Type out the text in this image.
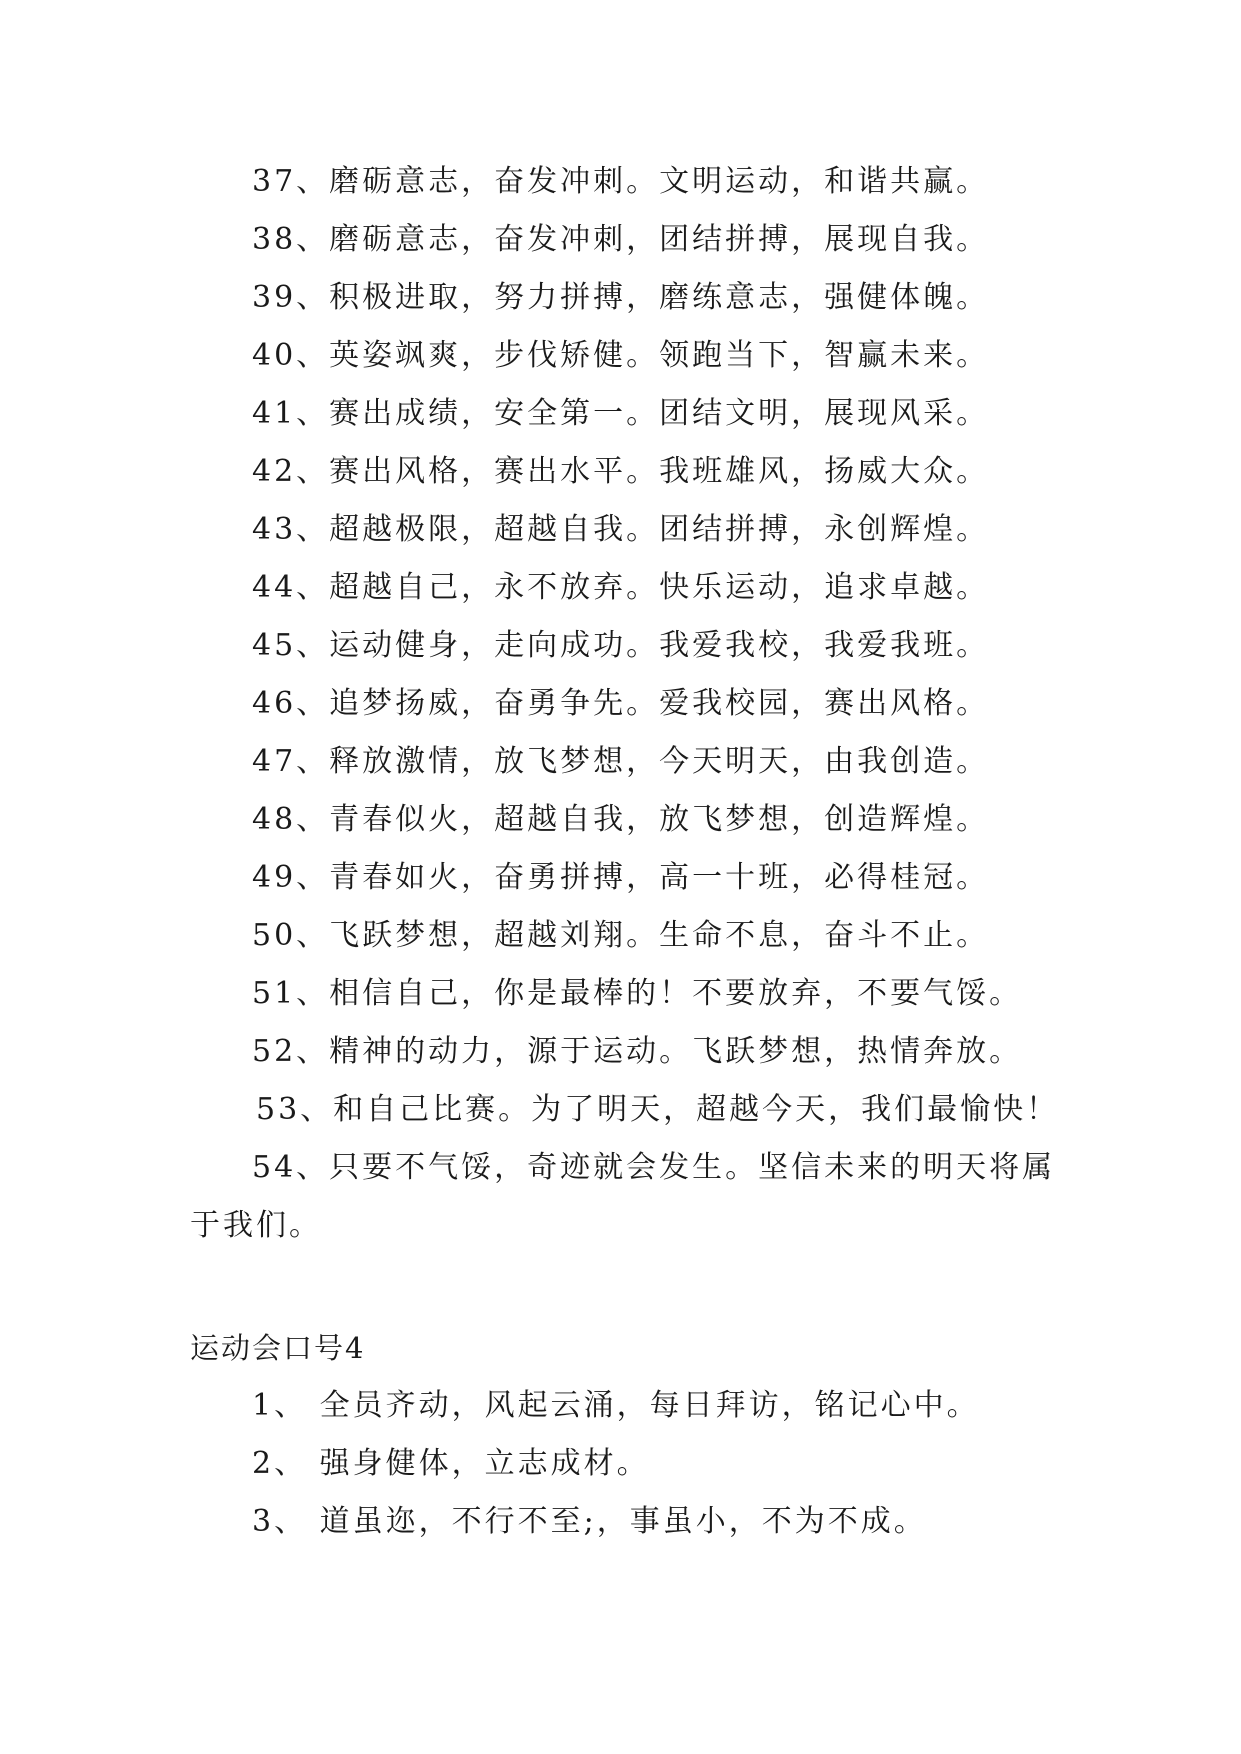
37、磨砺意志，奋发冲刺。文明运动，和谐共赢。
38、磨砺意志，奋发冲刺，团结拼搏，展现自我。
39、积极进取，努力拼搏，磨练意志，强健体魄。
40、英姿飒爽，步伐矫健。领跑当下，智赢未来。
41、赛出成绩，安全第一。团结文明，展现风采。
42、赛出风格，赛出水平。我班雄风，扬威大众。
43、超越极限，超越自我。团结拼搏，永创辉煌。
44、超越自己，永不放弃。快乐运动，追求卓越。
45、运动健身，走向成功。我爱我校，我爱我班。
46、追梦扬威，奋勇争先。爱我校园，赛出风格。
47、释放激情，放飞梦想，今天明天，由我创造。
48、青春似火，超越自我，放飞梦想，创造辉煌。
49、青春如火，奋勇拼搏，高一十班，必得桂冠。
50、飞跃梦想，超越刘翔。生命不息，奋斗不止。
51、相信自己，你是最棒的！不要放弃，不要气馁。
52、精神的动力，源于运动。飞跃梦想，热情奔放。
53、和自己比赛。为了明天，超越今天，我们最愉快！
54、只要不气馁，奇迹就会发生。坚信未来的明天将属
于我们。
运动会口号4
1、 全员齐动，风起云涌，每日拜访，铭记心中。
2、 强身健体，立志成材。
3、 道虽迩，不行不至;，事虽小，不为不成。
